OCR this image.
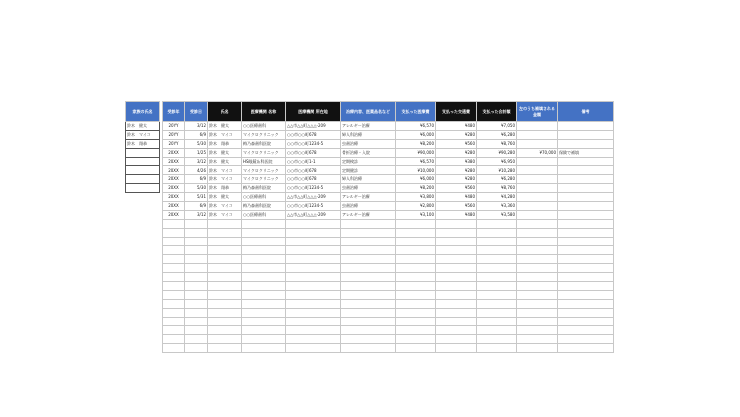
家族の氏名
鈴木　健太
鈴木　マイコ
鈴木　翔恭

受診年	受診日	氏名	医療機関 名称	医療機関 所在地	治療内容、医薬品名など	支払った医療費	支払った交通費	支払った合計額	左のうち補填される金額	備考
20YY	3/12	鈴木　健太	○○医療歯科	△△市△△町△△△-209	アレルギー治療	¥6,570	¥480	¥7,050		
20YY	6/9	鈴木　マイコ	マイクロクリニック	○○市○○町678	婦人科治療	¥6,000	¥280	¥6,280		
20YY	5/30	鈴木　翔恭	梅乃森歯科医院	○○市○○町1234-5	虫歯治療	¥8,200	¥560	¥8,760		
20XX	1/25	鈴木　健太	マイクロクリニック	○○市○○町678	骨折治療・入院	¥90,000	¥280	¥90,280	¥70,000	保険で補填
20XX	3/12	鈴木　健太	HS眼鏡＆科医院	○○市○○町1-1	定期検診	¥6,570	¥380	¥6,950		
20XX	4/26	鈴木　マイコ	マイクロクリニック	○○市○○町678	定期健診	¥10,000	¥280	¥10,280		
20XX	6/9	鈴木　マイコ	マイクロクリニック	○○市○○町678	婦人科治療	¥6,000	¥280	¥6,280		
20XX	5/30	鈴木　翔恭	梅乃森歯科医院	○○市○○町1234-5	虫歯治療	¥8,200	¥560	¥8,760		
20XX	5/31	鈴木　健太	○○医療歯科	△△市△△町△△△-209	アレルギー治療	¥3,800	¥480	¥4,280		
20XX	6/9	鈴木　マイコ	梅乃森歯科医院	○○市○○町1234-5	虫歯治療	¥2,800	¥560	¥3,360		
20XX	3/12	鈴木　マイコ	○○医療歯科	△△市△△町△△△-209	アレルギー治療	¥3,100	¥480	¥3,580		
